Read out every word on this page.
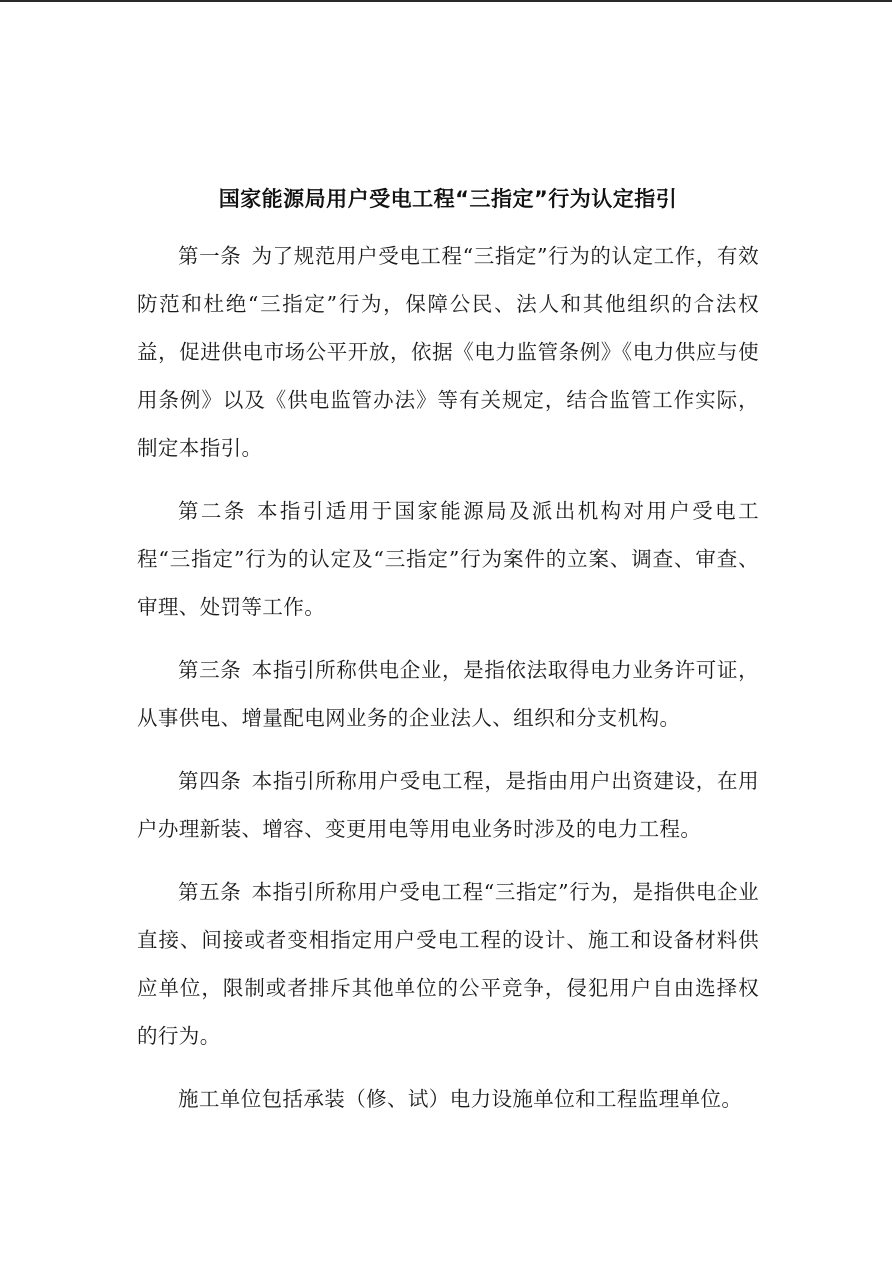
国家能源局用户受电工程“三指定”行为认定指引

第一条 为了规范用户受电工程“三指定”行为的认定工作，有效防范和杜绝“三指定”行为，保障公民、法人和其他组织的合法权益，促进供电市场公平开放，依据《电力监管条例》《电力供应与使用条例》以及《供电监管办法》等有关规定，结合监管工作实际，制定本指引。

第二条 本指引适用于国家能源局及派出机构对用户受电工程“三指定”行为的认定及“三指定”行为案件的立案、调查、审查、审理、处罚等工作。

第三条 本指引所称供电企业，是指依法取得电力业务许可证，从事供电、增量配电网业务的企业法人、组织和分支机构。

第四条 本指引所称用户受电工程，是指由用户出资建设，在用户办理新装、增容、变更用电等用电业务时涉及的电力工程。

第五条 本指引所称用户受电工程“三指定”行为，是指供电企业直接、间接或者变相指定用户受电工程的设计、施工和设备材料供应单位，限制或者排斥其他单位的公平竞争，侵犯用户自由选择权的行为。

施工单位包括承装（修、试）电力设施单位和工程监理单位。
